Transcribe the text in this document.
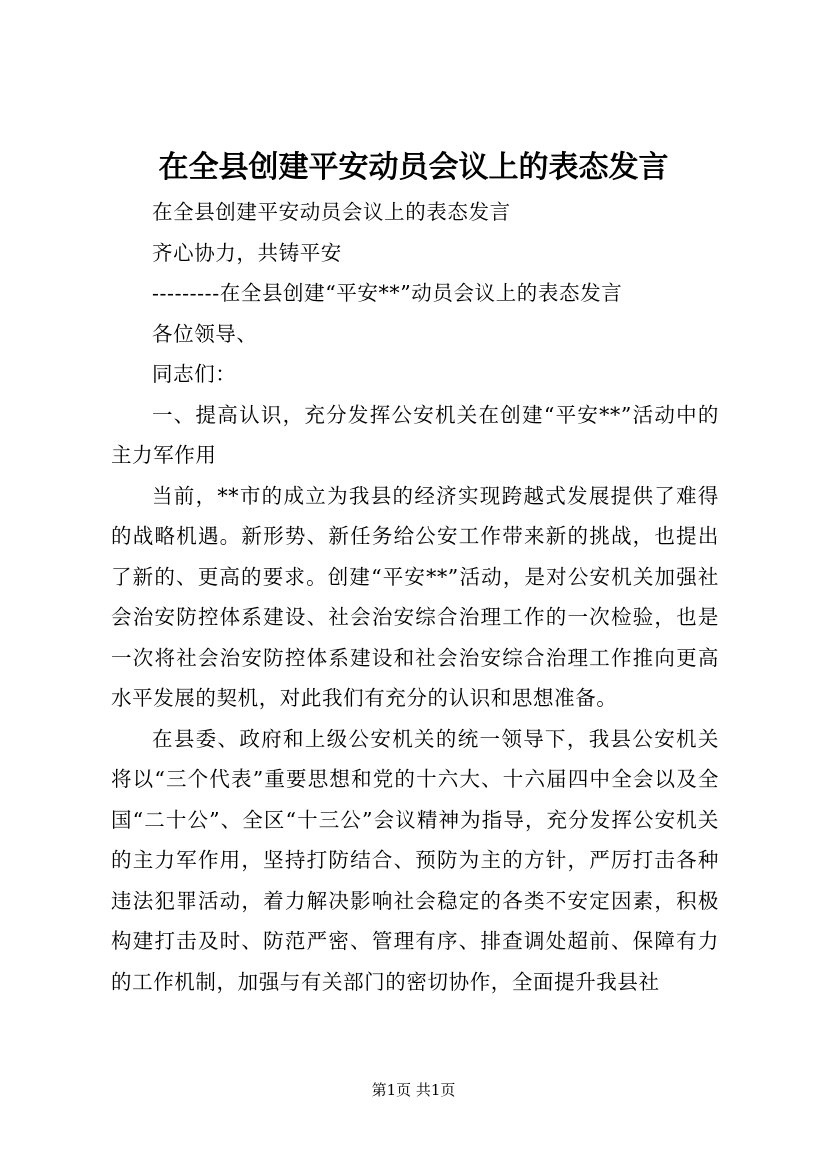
在全县创建平安动员会议上的表态发言

在全县创建平安动员会议上的表态发言

齐心协力，共铸平安

---------在全县创建“平安**”动员会议上的表态发言

各位领导、

同志们：

一、提高认识，充分发挥公安机关在创建“平安**”活动中的主力军作用

当前，**市的成立为我县的经济实现跨越式发展提供了难得的战略机遇。新形势、新任务给公安工作带来新的挑战，也提出了新的、更高的要求。创建“平安**”活动，是对公安机关加强社会治安防控体系建设、社会治安综合治理工作的一次检验，也是一次将社会治安防控体系建设和社会治安综合治理工作推向更高水平发展的契机，对此我们有充分的认识和思想准备。

在县委、政府和上级公安机关的统一领导下，我县公安机关将以“三个代表”重要思想和党的十六大、十六届四中全会以及全国“二十公”、全区“十三公”会议精神为指导，充分发挥公安机关的主力军作用，坚持打防结合、预防为主的方针，严厉打击各种违法犯罪活动，着力解决影响社会稳定的各类不安定因素，积极构建打击及时、防范严密、管理有序、排查调处超前、保障有力的工作机制，加强与有关部门的密切协作，全面提升我县社

第1页 共1页
